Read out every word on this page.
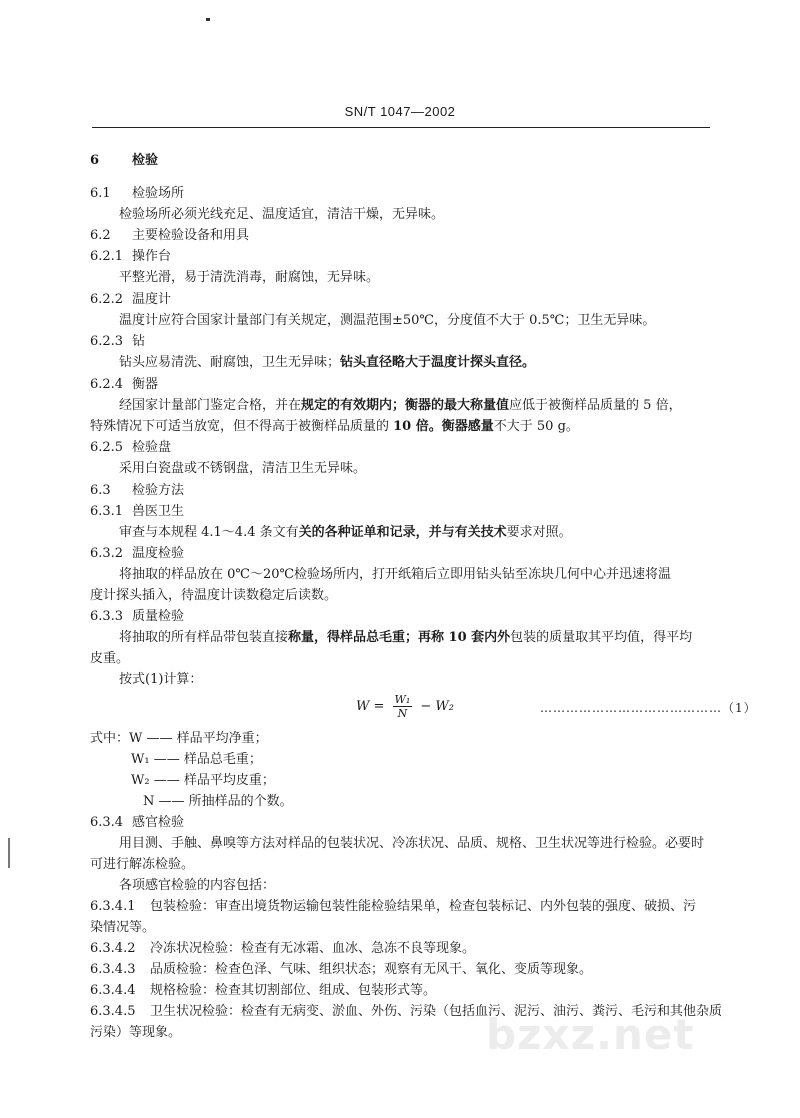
SN/T 1047—2002
6	检验
6.1 检验场所
检验场所必须光线充足、温度适宜，清洁干燥，无异味。
6.2 主要检验设备和用具
6.2.1 操作台
平整光滑，易于清洗消毒，耐腐蚀，无异味。
6.2.2 温度计
温度计应符合国家计量部门有关规定，测温范围±50℃，分度值不大于 0.5℃；卫生无异味。
6.2.3 钻
钻头应易清洗、耐腐蚀，卫生无异味；钻头直径略大于温度计探头直径。
6.2.4 衡器
经国家计量部门鉴定合格，并在规定的有效期内；衡器的最大称量值应低于被衡样品质量的 5 倍，
特殊情况下可适当放宽，但不得高于被衡样品质量的 10 倍。衡器感量不大于 50 g。
6.2.5 检验盘
采用白瓷盘或不锈钢盘，清洁卫生无异味。
6.3 检验方法
6.3.1 兽医卫生
审查与本规程 4.1～4.4 条文有关的各种证单和记录，并与有关技术要求对照。
6.3.2 温度检验
将抽取的样品放在 0℃～20℃检验场所内，打开纸箱后立即用钻头钻至冻块几何中心并迅速将温
度计探头插入，待温度计读数稳定后读数。
6.3.3 质量检验
将抽取的所有样品带包装直接称量，得样品总毛重；再称 10 套内外包装的质量取其平均值，得平均
皮重。
按式(1)计算：
$W = \frac{\text{W₁}}{N} - W_2$	……………………………………（1）
式中：W —— 样品平均净重；
W₁ —— 样品总毛重；
W₂ —— 样品平均皮重；
N —— 所抽样品的个数。
6.3.4 感官检验
用目测、手触、鼻嗅等方法对样品的包装状况、冷冻状况、品质、规格、卫生状况等进行检验。必要时
可进行解冻检验。
各项感官检验的内容包括：
6.3.4.1 包装检验：审查出境货物运输包装性能检验结果单，检查包装标记、内外包装的强度、破损、污
染情况等。
6.3.4.2 冷冻状况检验：检查有无冰霜、血冰、急冻不良等现象。
6.3.4.3 品质检验：检查色泽、气味、组织状态；观察有无风干、氧化、变质等现象。
6.3.4.4 规格检验：检查其切割部位、组成、包装形式等。
6.3.4.5 卫生状况检验：检查有无病变、淤血、外伤、污染（包括血污、泥污、油污、粪污、毛污和其他杂质
污染）等现象。	bzxz.net
